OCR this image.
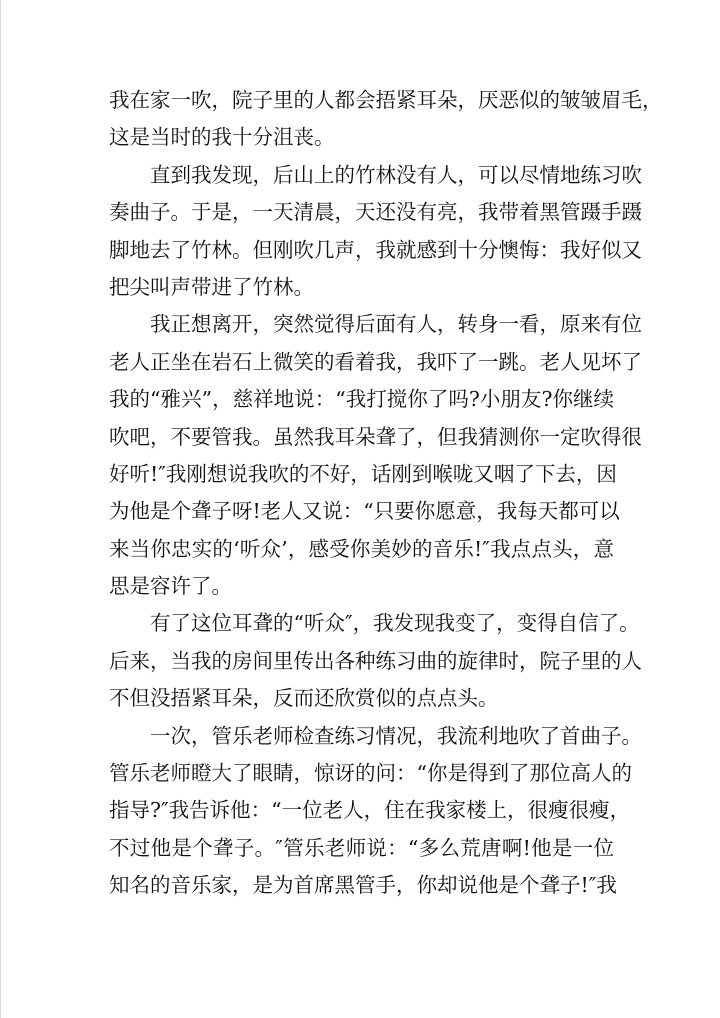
我在家一吹，院子里的人都会捂紧耳朵，厌恶似的皱皱眉毛，
这是当时的我十分沮丧。
　　直到我发现，后山上的竹林没有人，可以尽情地练习吹
奏曲子。于是，一天清晨，天还没有亮，我带着黑管蹑手蹑
脚地去了竹林。但刚吹几声，我就感到十分懊悔：我好似又
把尖叫声带进了竹林。
　　我正想离开，突然觉得后面有人，转身一看，原来有位
老人正坐在岩石上微笑的看着我，我吓了一跳。老人见坏了
我的“雅兴”，慈祥地说：“我打搅你了吗?小朋友?你继续
吹吧，不要管我。虽然我耳朵聋了，但我猜测你一定吹得很
好听!″我刚想说我吹的不好，话刚到喉咙又咽了下去，因
为他是个聋子呀!老人又说：“只要你愿意，我每天都可以
来当你忠实的‘听众’，感受你美妙的音乐!″我点点头，意
思是容许了。
　　有了这位耳聋的“听众″，我发现我变了，变得自信了。
后来，当我的房间里传出各种练习曲的旋律时，院子里的人
不但没捂紧耳朵，反而还欣赏似的点点头。
　　一次，管乐老师检查练习情况，我流利地吹了首曲子。
管乐老师瞪大了眼睛，惊讶的问：“你是得到了那位高人的
指导?″我告诉他：“一位老人，住在我家楼上，很瘦很瘦，
不过他是个聋子。″管乐老师说：“多么荒唐啊!他是一位
知名的音乐家，是为首席黑管手，你却说他是个聋子!″我
